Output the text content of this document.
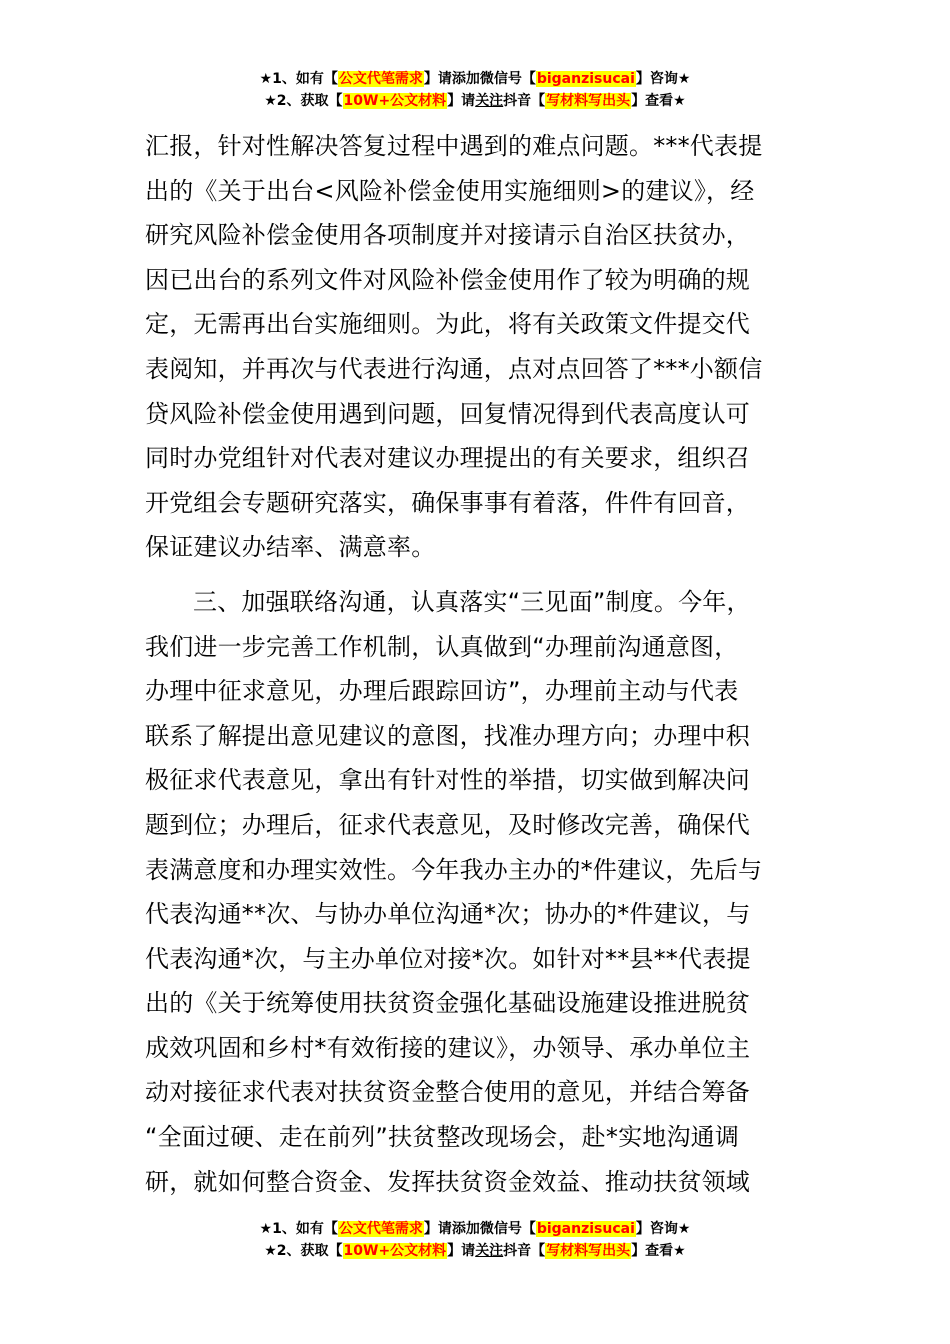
★1、如有【公文代笔需求】请添加微信号【biganzisucai】咨询★
★2、获取【10W+公文材料】请关注抖音【写材料写出头】查看★
汇报，针对性解决答复过程中遇到的难点问题。***代表提
出的《关于出台<风险补偿金使用实施细则>的建议》，经
研究风险补偿金使用各项制度并对接请示自治区扶贫办，
因已出台的系列文件对风险补偿金使用作了较为明确的规
定，无需再出台实施细则。为此，将有关政策文件提交代
表阅知，并再次与代表进行沟通，点对点回答了***小额信
贷风险补偿金使用遇到问题，回复情况得到代表高度认可
同时办党组针对代表对建议办理提出的有关要求，组织召
开党组会专题研究落实，确保事事有着落，件件有回音，
保证建议办结率、满意率。
三、加强联络沟通，认真落实“三见面”制度。今年，
我们进一步完善工作机制，认真做到“办理前沟通意图，
办理中征求意见，办理后跟踪回访”，办理前主动与代表
联系了解提出意见建议的意图，找准办理方向；办理中积
极征求代表意见，拿出有针对性的举措，切实做到解决问
题到位；办理后，征求代表意见，及时修改完善，确保代
表满意度和办理实效性。今年我办主办的*件建议，先后与
代表沟通**次、与协办单位沟通*次；协办的*件建议，与
代表沟通*次，与主办单位对接*次。如针对**县**代表提
出的《关于统筹使用扶贫资金强化基础设施建设推进脱贫
成效巩固和乡村*有效衔接的建议》，办领导、承办单位主
动对接征求代表对扶贫资金整合使用的意见，并结合筹备
“全面过硬、走在前列”扶贫整改现场会，赴*实地沟通调
研，就如何整合资金、发挥扶贫资金效益、推动扶贫领域
★1、如有【公文代笔需求】请添加微信号【biganzisucai】咨询★
★2、获取【10W+公文材料】请关注抖音【写材料写出头】查看★
